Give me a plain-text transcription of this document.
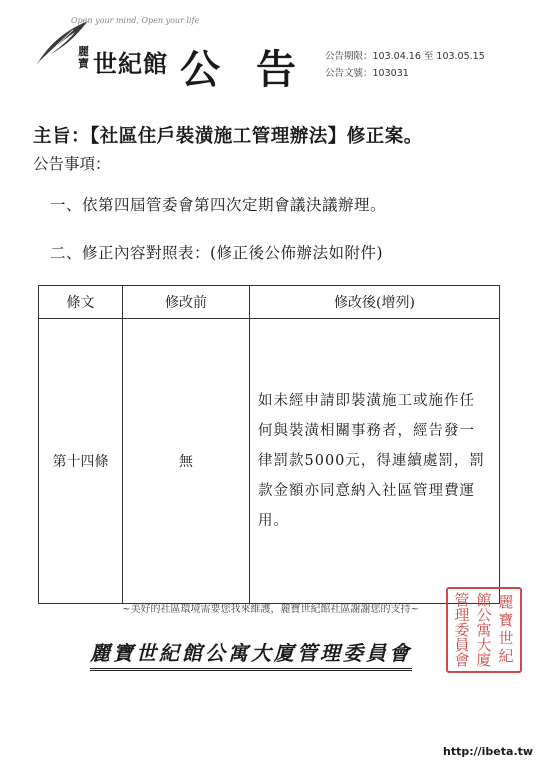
Open your mind, Open your life
麗寶 世紀館 公告
公告期限：103.04.16 至 103.05.15
公告文號：103031
主旨：【社區住戶裝潢施工管理辦法】修正案。
公告事項：
一、依第四屆管委會第四次定期會議決議辦理。
二、修正內容對照表：(修正後公佈辦法如附件)
條文	修改前	修改後(增列)
第十四條	無	如未經申請即裝潢施工或施作任何與裝潢相關事務者，經告發一律罰款5000元，得連續處罰，罰款金額亦同意納入社區管理費運用。
~美好的社區環境需要您我來維護，麗寶世紀館社區謝謝您的支持~
麗寶世紀館公寓大廈管理委員會
麗
寶
世
紀
館
公
寓
大
廈
管
理
委
員
會
http://ibeta.tw
